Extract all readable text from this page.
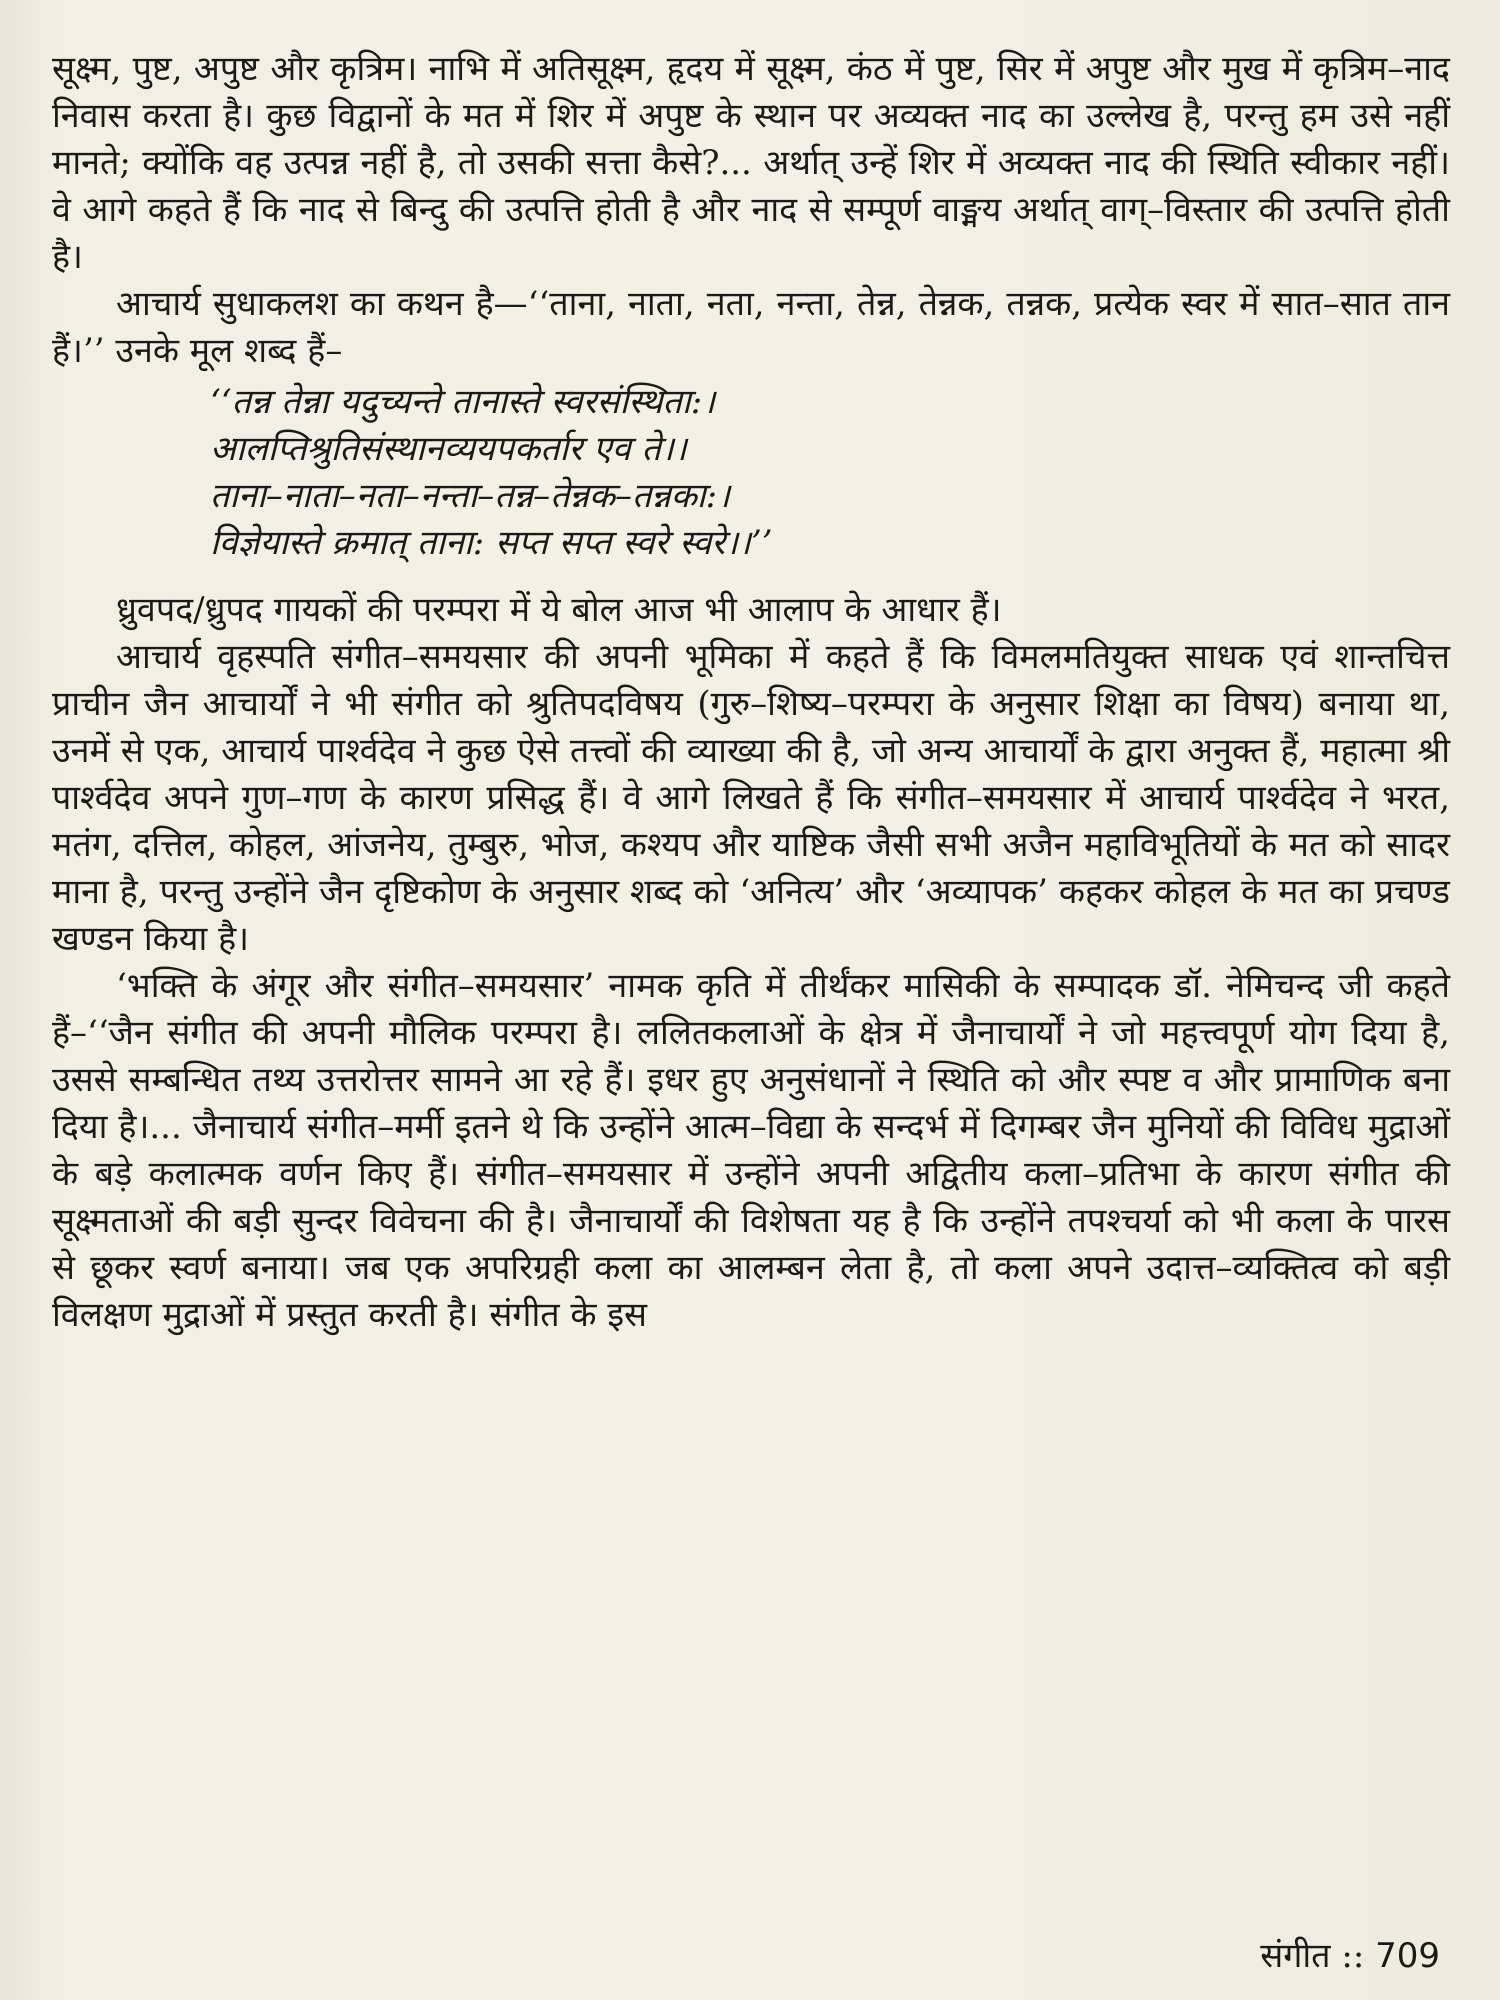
सूक्ष्म, पुष्ट, अपुष्ट और कृत्रिम। नाभि में अतिसूक्ष्म, हृदय में सूक्ष्म, कंठ में पुष्ट, सिर में अपुष्ट और मुख में कृत्रिम–नाद निवास करता है। कुछ विद्वानों के मत में शिर में अपुष्ट के स्थान पर अव्यक्त नाद का उल्लेख है, परन्तु हम उसे नहीं मानते; क्योंकि वह उत्पन्न नहीं है, तो उसकी सत्ता कैसे?... अर्थात् उन्हें शिर में अव्यक्त नाद की स्थिति स्वीकार नहीं। वे आगे कहते हैं कि नाद से बिन्दु की उत्पत्ति होती है और नाद से सम्पूर्ण वाङ्मय अर्थात् वाग्–विस्तार की उत्पत्ति होती है।

आचार्य सुधाकलश का कथन है—‘‘ताना, नाता, नता, नन्ता, तेन्न, तेन्नक, तन्नक, प्रत्येक स्वर में सात–सात तान हैं।’’ उनके मूल शब्द हैं–

‘‘तन्न तेन्ना यदुच्यन्ते तानास्ते स्वरसंस्थिता:।

आलप्तिश्रुतिसंस्थानव्ययपकर्तार एव ते।।

ताना–नाता–नता–नन्ता–तन्न–तेन्नक–तन्नका:।

विज्ञेयास्ते क्रमात् ताना: सप्त सप्त स्वरे स्वरे।।’’

ध्रुवपद/ध्रुपद गायकों की परम्परा में ये बोल आज भी आलाप के आधार हैं।

आचार्य वृहस्पति संगीत–समयसार की अपनी भूमिका में कहते हैं कि विमलमतियुक्त साधक एवं शान्तचित्त प्राचीन जैन आचार्यों ने भी संगीत को श्रुतिपदविषय (गुरु–शिष्य–परम्परा के अनुसार शिक्षा का विषय) बनाया था, उनमें से एक, आचार्य पार्श्वदेव ने कुछ ऐसे तत्त्वों की व्याख्या की है, जो अन्य आचार्यों के द्वारा अनुक्त हैं, महात्मा श्री पार्श्वदेव अपने गुण–गण के कारण प्रसिद्ध हैं। वे आगे लिखते हैं कि संगीत–समयसार में आचार्य पार्श्वदेव ने भरत, मतंग, दत्तिल, कोहल, आंजनेय, तुम्बुरु, भोज, कश्यप और याष्टिक जैसी सभी अजैन महाविभूतियों के मत को सादर माना है, परन्तु उन्होंने जैन दृष्टिकोण के अनुसार शब्द को ‘अनित्य’ और ‘अव्यापक’ कहकर कोहल के मत का प्रचण्ड खण्डन किया है।

‘भक्ति के अंगूर और संगीत–समयसार’ नामक कृति में तीर्थंकर मासिकी के सम्पादक डॉ. नेमिचन्द जी कहते हैं–‘‘जैन संगीत की अपनी मौलिक परम्परा है। ललितकलाओं के क्षेत्र में जैनाचार्यों ने जो महत्त्वपूर्ण योग दिया है, उससे सम्बन्धित तथ्य उत्तरोत्तर सामने आ रहे हैं। इधर हुए अनुसंधानों ने स्थिति को और स्पष्ट व और प्रामाणिक बना दिया है।... जैनाचार्य संगीत–मर्मी इतने थे कि उन्होंने आत्म–विद्या के सन्दर्भ में दिगम्बर जैन मुनियों की विविध मुद्राओं के बड़े कलात्मक वर्णन किए हैं। संगीत–समयसार में उन्होंने अपनी अद्वितीय कला–प्रतिभा के कारण संगीत की सूक्ष्मताओं की बड़ी सुन्दर विवेचना की है। जैनाचार्यों की विशेषता यह है कि उन्होंने तपश्चर्या को भी कला के पारस से छूकर स्वर्ण बनाया। जब एक अपरिग्रही कला का आलम्बन लेता है, तो कला अपने उदात्त–व्यक्तित्व को बड़ी विलक्षण मुद्राओं में प्रस्तुत करती है। संगीत के इस

संगीत :: 709
